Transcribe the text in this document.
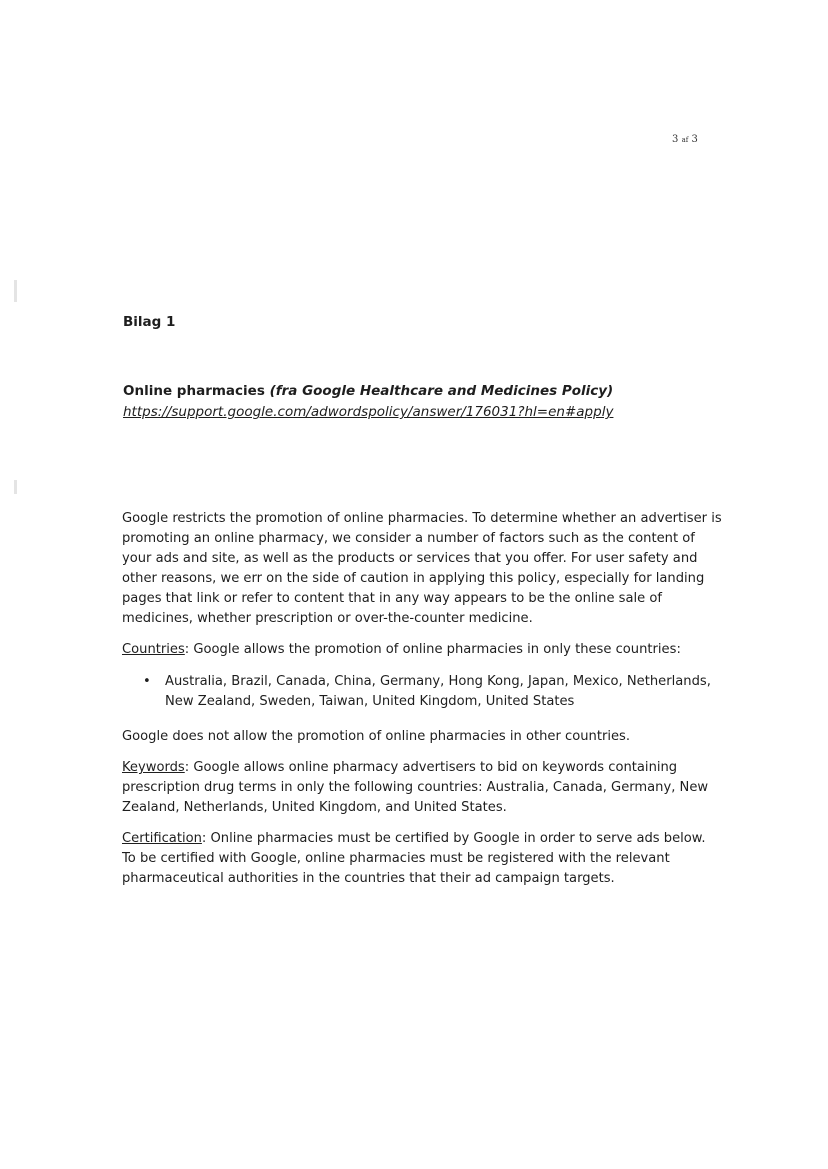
3 af 3
Bilag 1

Online pharmacies (fra Google Healthcare and Medicines Policy)

https://support.google.com/adwordspolicy/answer/176031?hl=en#apply

Google restricts the promotion of online pharmacies. To determine whether an advertiser is promoting an online pharmacy, we consider a number of factors such as the content of your ads and site, as well as the products or services that you offer. For user safety and other reasons, we err on the side of caution in applying this policy, especially for landing pages that link or refer to content that in any way appears to be the online sale of medicines, whether prescription or over-the-counter medicine.

Countries: Google allows the promotion of online pharmacies in only these countries:

• Australia, Brazil, Canada, China, Germany, Hong Kong, Japan, Mexico, Netherlands, New Zealand, Sweden, Taiwan, United Kingdom, United States

Google does not allow the promotion of online pharmacies in other countries.

Keywords: Google allows online pharmacy advertisers to bid on keywords containing prescription drug terms in only the following countries: Australia, Canada, Germany, New Zealand, Netherlands, United Kingdom, and United States.

Certification: Online pharmacies must be certified by Google in order to serve ads below. To be certified with Google, online pharmacies must be registered with the relevant pharmaceutical authorities in the countries that their ad campaign targets.
